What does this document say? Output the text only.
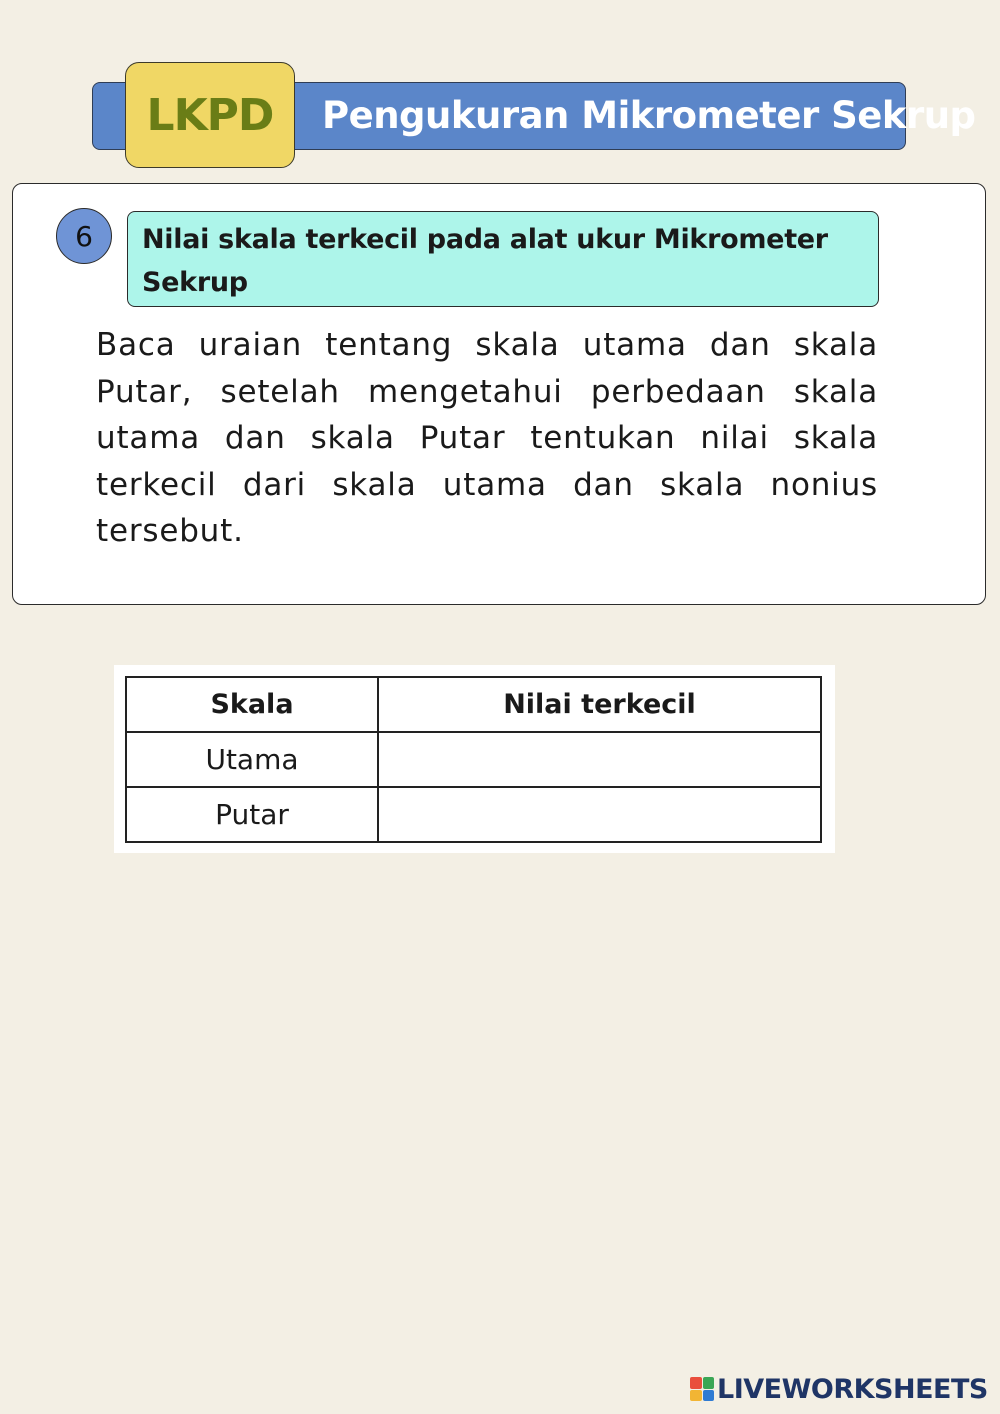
Pengukuran Mikrometer Sekrup
LKPD
6	Nilai skala terkecil pada alat ukur Mikrometer Sekrup
Baca uraian tentang skala utama dan skala Putar, setelah mengetahui perbedaan skala utama dan skala Putar tentukan nilai skala terkecil dari skala utama dan skala nonius tersebut.
Skala	Nilai terkecil
Utama	
Putar	
LIVEWORKSHEETS
